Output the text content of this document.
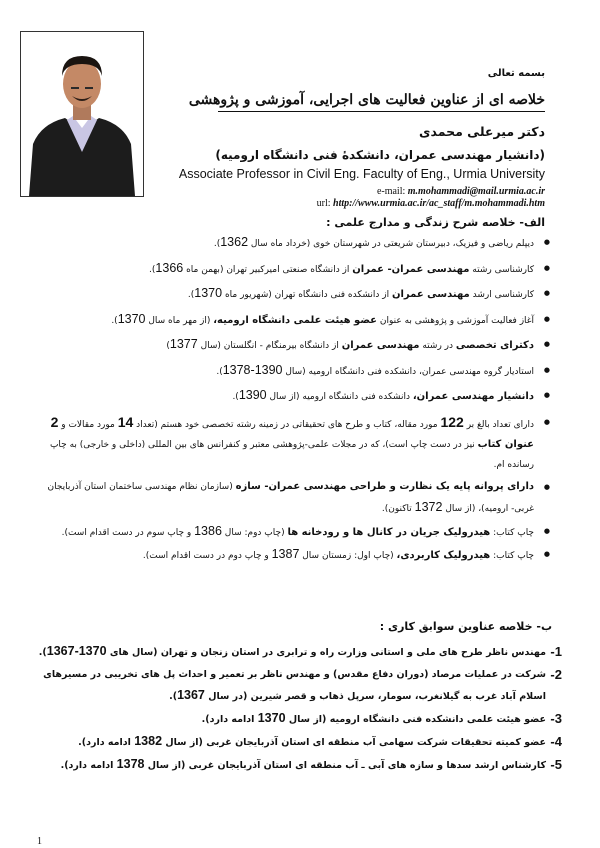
بسمه تعالی
خلاصه ای از عناوین فعالیت های اجرایی، آموزشی و پژوهشی
دکتر میرعلی محمدی
(دانشیار مهندسی عمران، دانشکدهٔ فنی دانشگاه ارومیه)
Associate Professor in Civil Eng. Faculty of Eng., Urmia University
e-mail: m.mohammadi@mail.urmia.ac.ir
url: http://www.urmia.ac.ir/ac_staff/m.mohammadi.htm
الف- خلاصه شرح زندگی و مدارج علمی :
● دیپلم ریاضی و فیزیک، دبیرستان شریعتی در شهرستان خوی (خرداد ماه سال 1362).
● کارشناسی رشته مهندسی عمران- عمران از دانشگاه صنعتی امیرکبیر تهران (بهمن ماه 1366).
● کارشناسی ارشد مهندسی عمران از دانشکده فنی دانشگاه تهران (شهریور ماه 1370).
● آغاز فعالیت آموزشی و پژوهشی به عنوان عضو هیئت علمی دانشگاه ارومیه، (از مهر ماه سال 1370).
● دکترای تخصصی در رشته مهندسی عمران از دانشگاه بیرمنگام - انگلستان (سال 1377)
● استادیار گروه مهندسی عمران، دانشکده فنی دانشگاه ارومیه (سال 1390-1378).
● دانشیار مهندسی عمران، دانشکده فنی دانشگاه ارومیه (از سال 1390).
● دارای تعداد بالغ بر 122 مورد مقاله، کتاب و طرح های تحقیقاتی در زمینه رشته تخصصی خود هستم (تعداد 14 مورد مقالات و 2 عنوان کتاب نیز در دست چاپ است)، که در مجلات علمی-پژوهشی معتبر و کنفرانس های بین المللی (داخلی و خارجی) به چاپ رسانده ام.
● دارای پروانه پایه یک نظارت و طراحی مهندسی عمران- سازه (سازمان نظام مهندسی ساختمان استان آذربایجان غربی- ارومیه)، (از سال 1372 تاکنون).
● چاپ کتاب: هیدرولیک جریان در کانال ها و رودخانه ها (چاپ دوم: سال 1386 و چاپ سوم در دست اقدام است).
● چاپ کتاب: هیدرولیک کاربردی، (چاپ اول: زمستان سال 1387 و چاپ دوم در دست اقدام است).
ب- خلاصه عناوین سوابق کاری :
1-
مهندس ناظر طرح های ملی و استانی وزارت راه و ترابری در استان زنجان و تهران (سال های 1370-1367).
2-
شرکت در عملیات مرصاد (دوران دفاع مقدس) و مهندس ناظر بر تعمیر و احداث پل های تخریبی در مسیرهای اسلام آباد غرب به گیلانغرب، سومار، سرپل ذهاب و قصر شیرین (در سال 1367).
3-
عضو هیئت علمی دانشکده فنی دانشگاه ارومیه (از سال 1370 ادامه دارد).
4-
عضو کمیته تحقیقات شرکت سهامی آب منطقه ای استان آذربایجان غربی (از سال 1382 ادامه دارد).
5-
کارشناس ارشد سدها و سازه های آبی ـ آب منطقه ای استان آذربایجان غربی (از سال 1378 ادامه دارد).
1
